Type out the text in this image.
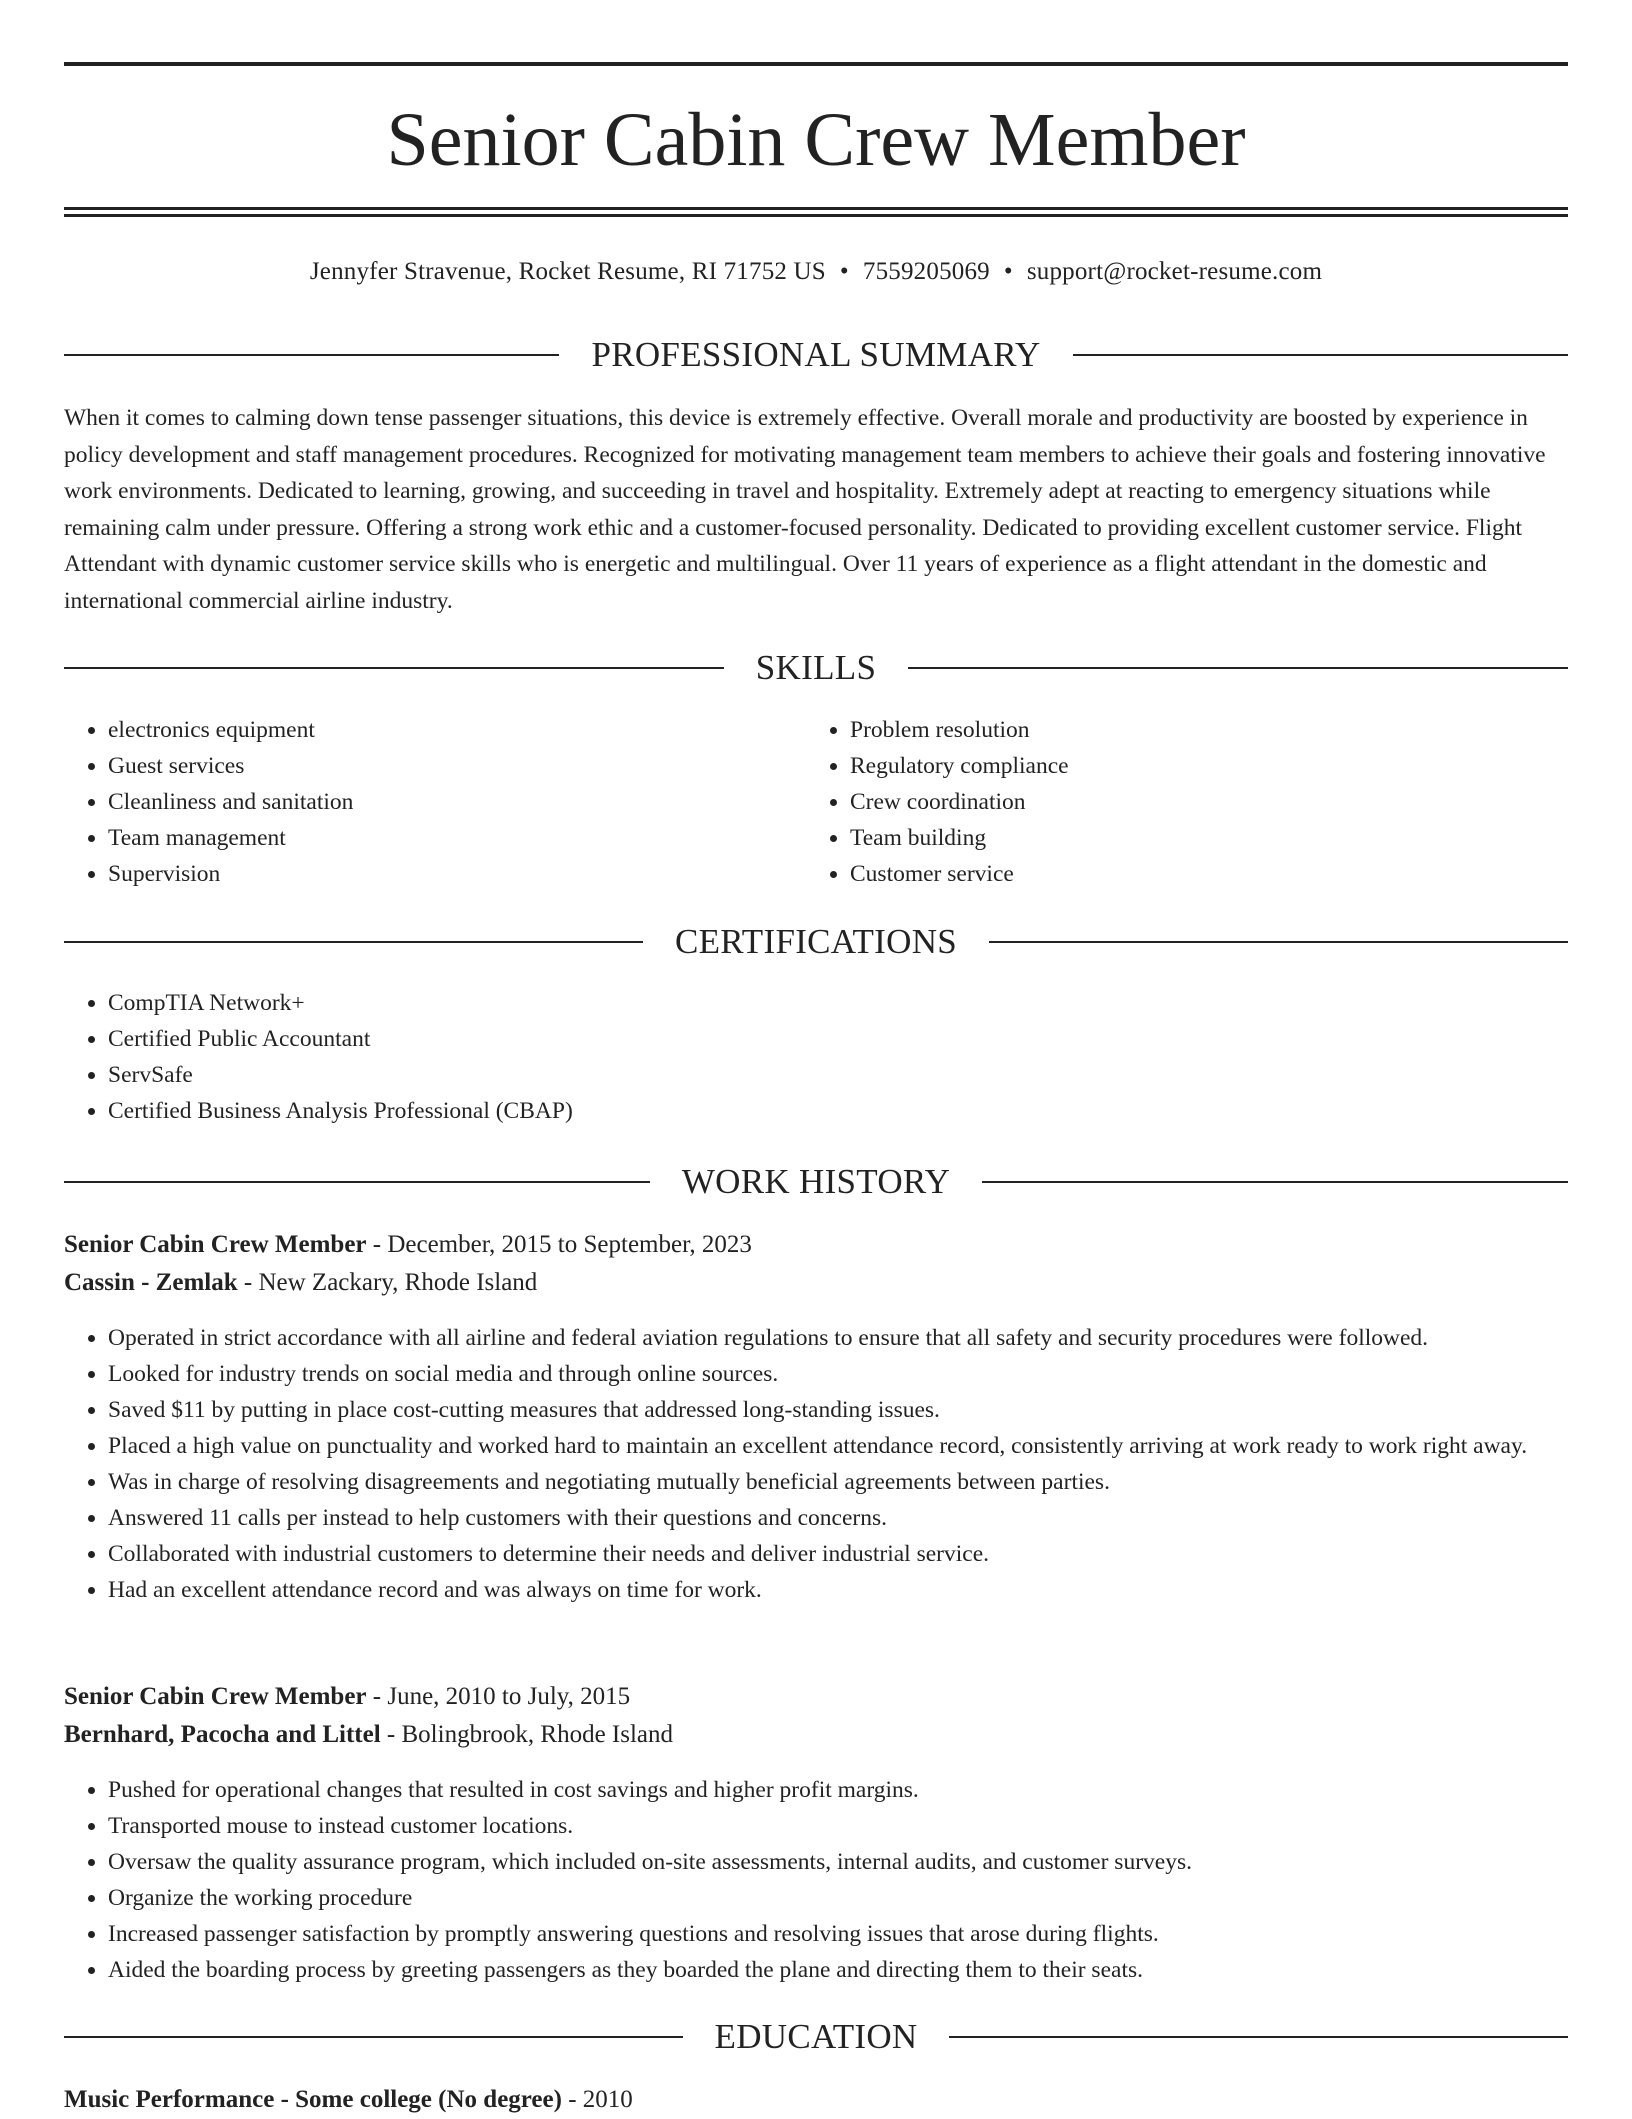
Senior Cabin Crew Member
Jennyfer Stravenue, Rocket Resume, RI 71752 US • 7559205069 • support@rocket-resume.com
PROFESSIONAL SUMMARY

When it comes to calming down tense passenger situations, this device is extremely effective. Overall morale and productivity are boosted by experience in policy development and staff management procedures. Recognized for motivating management team members to achieve their goals and fostering innovative work environments. Dedicated to learning, growing, and succeeding in travel and hospitality. Extremely adept at reacting to emergency situations while remaining calm under pressure. Offering a strong work ethic and a customer-focused personality. Dedicated to providing excellent customer service. Flight Attendant with dynamic customer service skills who is energetic and multilingual. Over 11 years of experience as a flight attendant in the domestic and international commercial airline industry.

SKILLS
• electronics equipment
• Guest services
• Cleanliness and sanitation
• Team management
• Supervision
• Problem resolution
• Regulatory compliance
• Crew coordination
• Team building
• Customer service
CERTIFICATIONS
• CompTIA Network+
• Certified Public Accountant
• ServSafe
• Certified Business Analysis Professional (CBAP)
WORK HISTORY
Senior Cabin Crew Member - December, 2015 to September, 2023
Cassin - Zemlak - New Zackary, Rhode Island
• Operated in strict accordance with all airline and federal aviation regulations to ensure that all safety and security procedures were followed.
• Looked for industry trends on social media and through online sources.
• Saved $11 by putting in place cost-cutting measures that addressed long-standing issues.
• Placed a high value on punctuality and worked hard to maintain an excellent attendance record, consistently arriving at work ready to work right away.
• Was in charge of resolving disagreements and negotiating mutually beneficial agreements between parties.
• Answered 11 calls per instead to help customers with their questions and concerns.
• Collaborated with industrial customers to determine their needs and deliver industrial service.
• Had an excellent attendance record and was always on time for work.
Senior Cabin Crew Member - June, 2010 to July, 2015
Bernhard, Pacocha and Littel - Bolingbrook, Rhode Island
• Pushed for operational changes that resulted in cost savings and higher profit margins.
• Transported mouse to instead customer locations.
• Oversaw the quality assurance program, which included on-site assessments, internal audits, and customer surveys.
• Organize the working procedure
• Increased passenger satisfaction by promptly answering questions and resolving issues that arose during flights.
• Aided the boarding process by greeting passengers as they boarded the plane and directing them to their seats.
EDUCATION
Music Performance - Some college (No degree) - 2010
